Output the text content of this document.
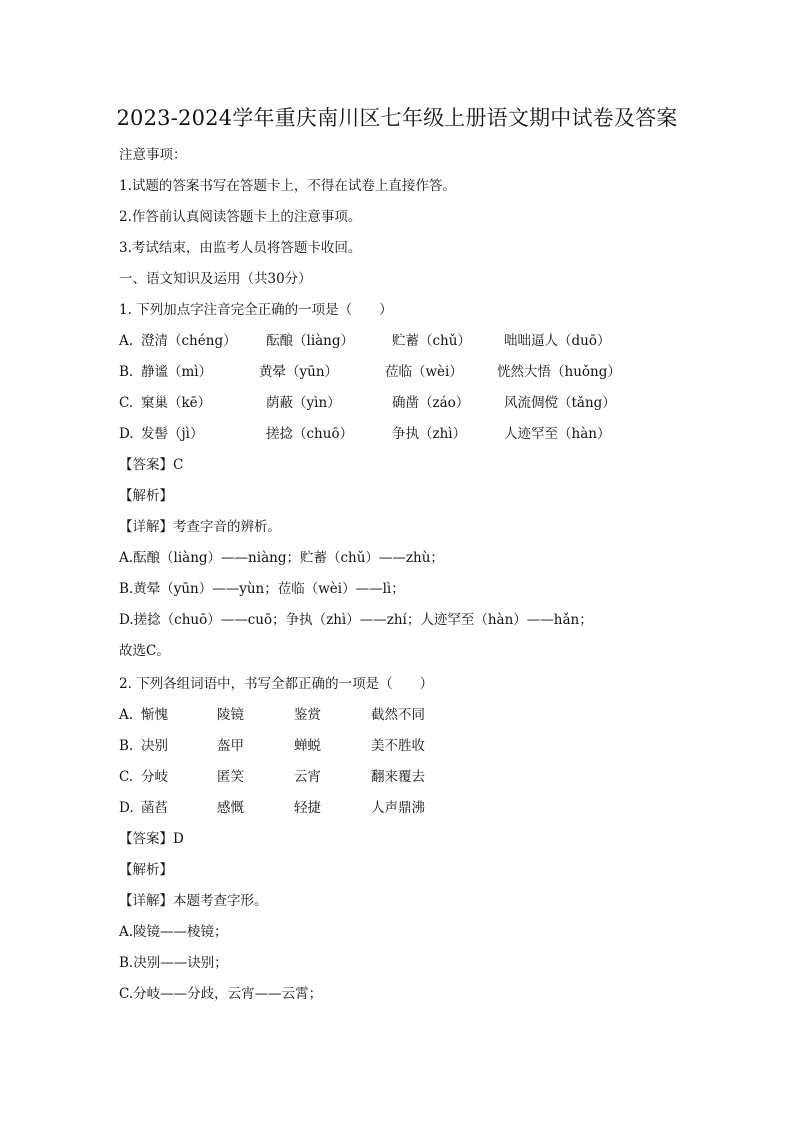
2023-2024学年重庆南川区七年级上册语文期中试卷及答案
注意事项：
1.试题的答案书写在答题卡上，不得在试卷上直接作答。
2.作答前认真阅读答题卡上的注意事项。
3.考试结束，由监考人员将答题卡收回。
一、语文知识及运用（共30分）
1. 下列加点字注音完全正确的一项是（　　）
A. 澄清（chéng） 酝酿（liàng）	贮蓄（chǔ） 咄咄逼人（duō）
B. 静谧（mì）	黄晕（yūn）	莅临（wèi）	恍然大悟（huǒng）
C. 窠巢（kē）	荫蔽（yìn）	确凿（záo）	风流倜傥（tǎng）
D. 发髻（jì）	搓捻（chuō）	争执（zhì）	人迹罕至（hàn）
【答案】C
【解析】
【详解】考查字音的辨析。
A.酝酿（liàng）——niàng；贮蓄（chǔ）——zhù；
B.黄晕（yūn）——yùn；莅临（wèi）——lì；
D.搓捻（chuō）——cuō；争执（zhì）——zhí；人迹罕至（hàn）——hǎn；
故选C。
2. 下列各组词语中，书写全都正确的一项是（　　）
A. 惭愧	陵镜	鉴赏	截然不同
B. 决别	盔甲	蝉蜕	美不胜收
C. 分岐	匿笑	云宵	翻来覆去
D. 菡萏	感慨	轻捷	人声鼎沸
【答案】D
【解析】
【详解】本题考查字形。
A.陵镜——棱镜；
B.决别——诀别；
C.分岐——分歧，云宵——云霄；
